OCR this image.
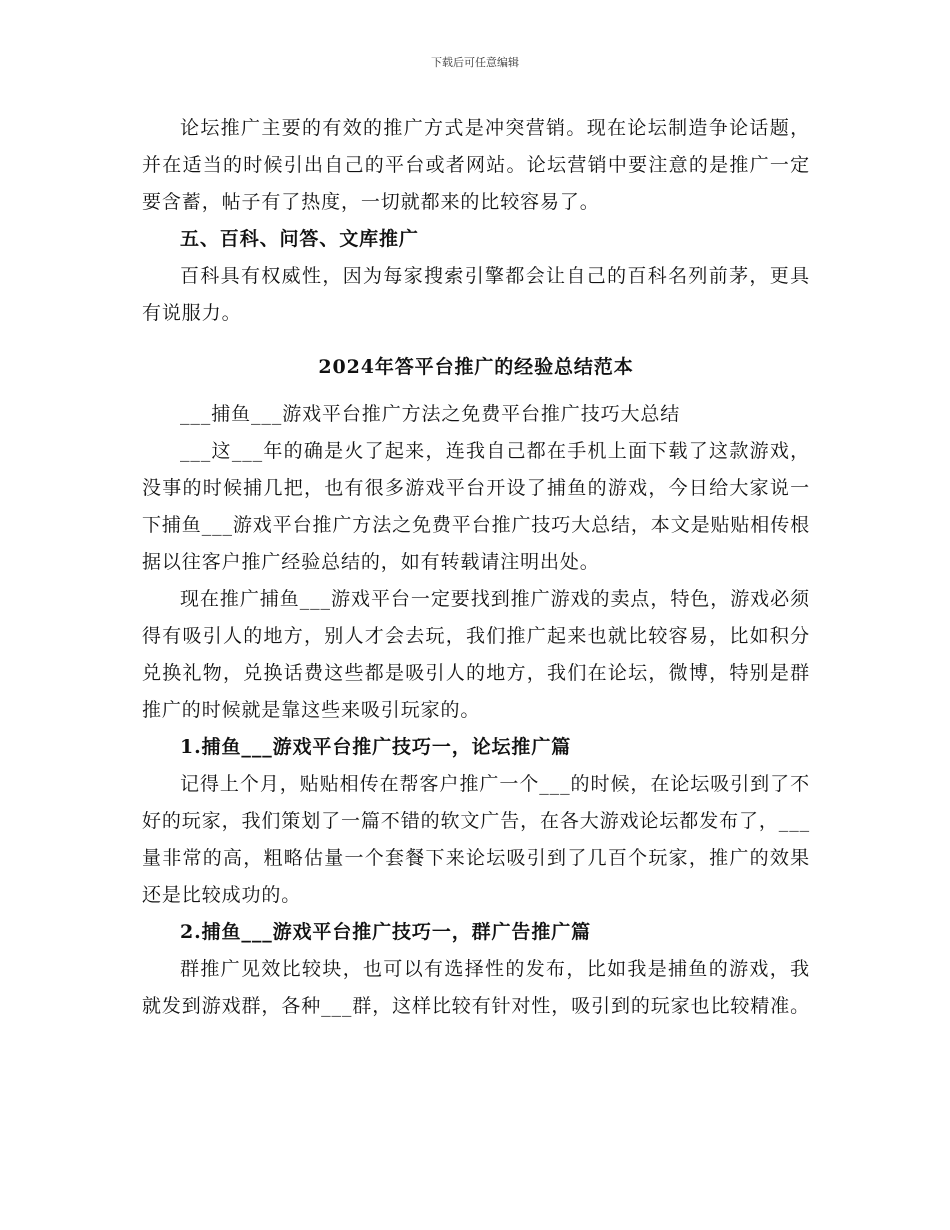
下载后可任意编辑

论坛推广主要的有效的推广方式是冲突营销。现在论坛制造争论话题，并在适当的时候引出自己的平台或者网站。论坛营销中要注意的是推广一定要含蓄，帖子有了热度，一切就都来的比较容易了。

五、百科、问答、文库推广

百科具有权威性，因为每家搜索引擎都会让自己的百科名列前茅，更具有说服力。

2024年答平台推广的经验总结范本

___捕鱼___游戏平台推广方法之免费平台推广技巧大总结

___这___年的确是火了起来，连我自己都在手机上面下载了这款游戏，没事的时候捕几把，也有很多游戏平台开设了捕鱼的游戏，今日给大家说一下捕鱼___游戏平台推广方法之免费平台推广技巧大总结，本文是贴贴相传根据以往客户推广经验总结的，如有转载请注明出处。

现在推广捕鱼___游戏平台一定要找到推广游戏的卖点，特色，游戏必须得有吸引人的地方，别人才会去玩，我们推广起来也就比较容易，比如积分兑换礼物，兑换话费这些都是吸引人的地方，我们在论坛，微博，特别是群推广的时候就是靠这些来吸引玩家的。

1.捕鱼___游戏平台推广技巧一，论坛推广篇

记得上个月，贴贴相传在帮客户推广一个___的时候，在论坛吸引到了不好的玩家，我们策划了一篇不错的软文广告，在各大游戏论坛都发布了，___量非常的高，粗略估量一个套餐下来论坛吸引到了几百个玩家，推广的效果还是比较成功的。

2.捕鱼___游戏平台推广技巧一，群广告推广篇

群推广见效比较块，也可以有选择性的发布，比如我是捕鱼的游戏，我就发到游戏群，各种___群，这样比较有针对性，吸引到的玩家也比较精准。
